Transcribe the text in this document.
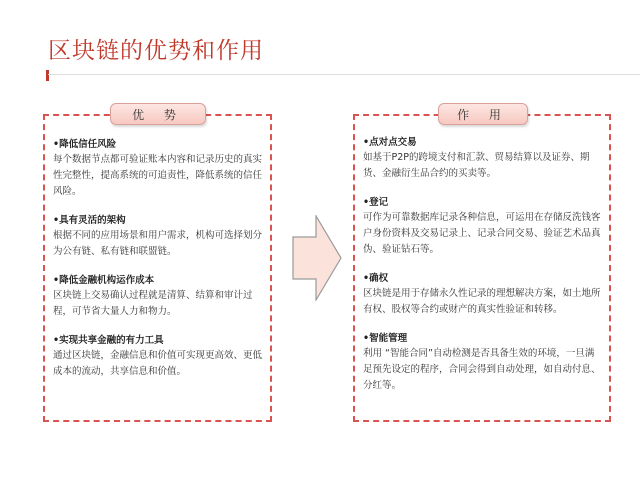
区块链的优势和作用
•降低信任风险
每个数据节点都可验证账本内容和记录历史的真实性完整性，提高系统的可追责性，降低系统的信任风险。
•具有灵活的架构
根据不同的应用场景和用户需求，机构可选择划分为公有链、私有链和联盟链。
•降低金融机构运作成本
区块链上交易确认过程就是清算、结算和审计过程，可节省大量人力和物力。
•实现共享金融的有力工具
通过区块链，金融信息和价值可实现更高效、更低成本的流动，共享信息和价值。
优 势
•点对点交易
如基于P2P的跨境支付和汇款、贸易结算以及证券、期货、金融衍生品合约的买卖等。
•登记
可作为可靠数据库记录各种信息，可运用在存储反洗钱客户身份资料及交易记录上、记录合同交易、验证艺术品真伪、验证钻石等。
•确权
区块链是用于存储永久性记录的理想解决方案，如土地所有权、股权等合约或财产的真实性验证和转移。
•智能管理
利用 “智能合同”自动检测是否具备生效的环境，一旦满足预先设定的程序，合同会得到自动处理，如自动付息、分红等。
作 用
